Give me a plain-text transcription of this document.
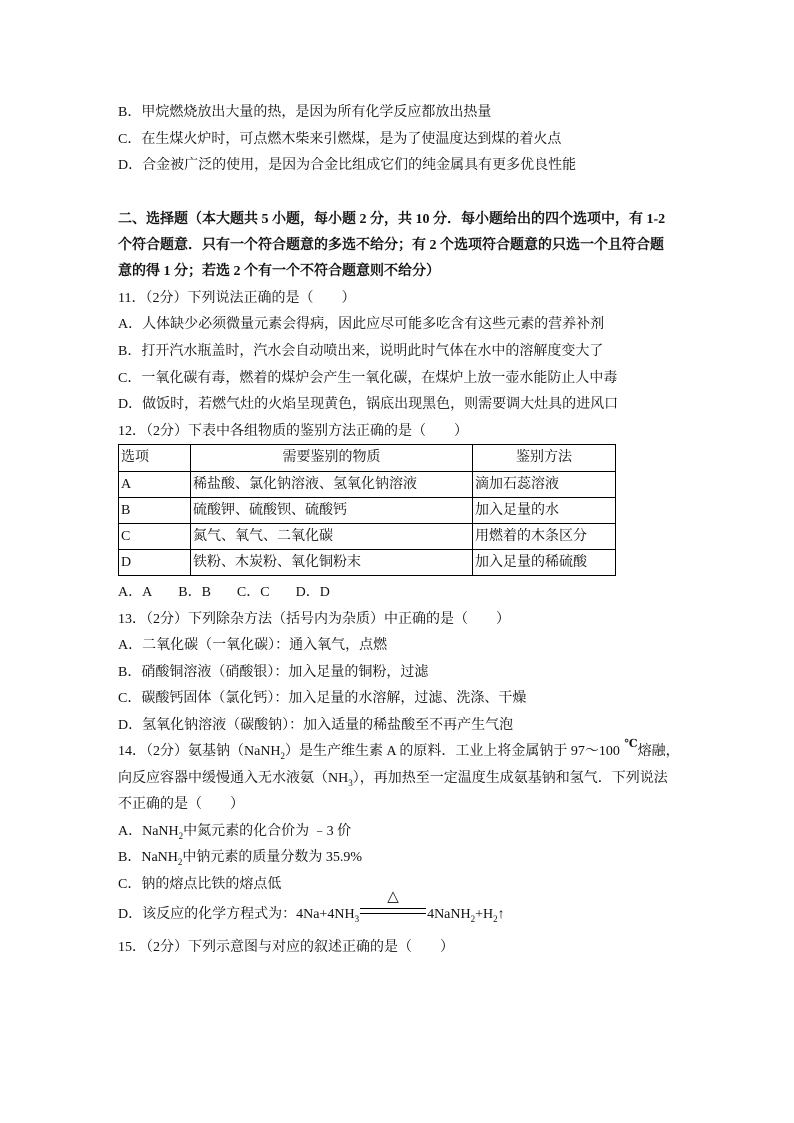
B．甲烷燃烧放出大量的热，是因为所有化学反应都放出热量
C．在生煤火炉时，可点燃木柴来引燃煤，是为了使温度达到煤的着火点
D．合金被广泛的使用，是因为合金比组成它们的纯金属具有更多优良性能
二、选择题（本大题共 5 小题，每小题 2 分，共 10 分．每小题给出的四个选项中，有 1-2
个符合题意．只有一个符合题意的多选不给分；有 2 个选项符合题意的只选一个且符合题
意的得 1 分；若选 2 个有一个不符合题意则不给分）
11．（2分）下列说法正确的是（　　）
A．人体缺少必须微量元素会得病，因此应尽可能多吃含有这些元素的营养补剂
B．打开汽水瓶盖时，汽水会自动喷出来，说明此时气体在水中的溶解度变大了
C．一氧化碳有毒，燃着的煤炉会产生一氧化碳，在煤炉上放一壶水能防止人中毒
D．做饭时，若燃气灶的火焰呈现黄色，锅底出现黑色，则需要调大灶具的进风口
12．（2分）下表中各组物质的鉴别方法正确的是（　　）
选项	需要鉴别的物质	鉴别方法
A	稀盐酸、氯化钠溶液、氢氧化钠溶液	滴加石蕊溶液
B	硫酸钾、硫酸钡、硫酸钙	加入足量的水
C	氮气、氧气、二氧化碳	用燃着的木条区分
D	铁粉、木炭粉、氧化铜粉末	加入足量的稀硫酸
A．A B．B C．C D．D
13．（2分）下列除杂方法（括号内为杂质）中正确的是（　　）
A．二氧化碳（一氧化碳）：通入氧气，点燃
B．硝酸铜溶液（硝酸银）：加入足量的铜粉，过滤
C．碳酸钙固体（氯化钙）：加入足量的水溶解，过滤、洗涤、干燥
D．氢氧化钠溶液（碳酸钠）：加入适量的稀盐酸至不再产生气泡
14．（2分）氨基钠（NaNH$_2$）是生产维生素 A 的原料．工业上将金属钠于 97～100 ℃熔融，
向反应容器中缓慢通入无水液氨$(NH_3)$，再加热至一定温度生成氨基钠和氢气．下列说法
不正确的是（　　）
A．NaNH$_2$中氮元素的化合价为 ﹣3 价
B．NaNH$_2$中钠元素的质量分数为 35.9%
C．钠的熔点比铁的熔点低
D．该反应的化学方程式为：$4Na+4NH_3$
△
$4NaNH_2+H_2↑$
15．（2分）下列示意图与对应的叙述正确的是（　　）
